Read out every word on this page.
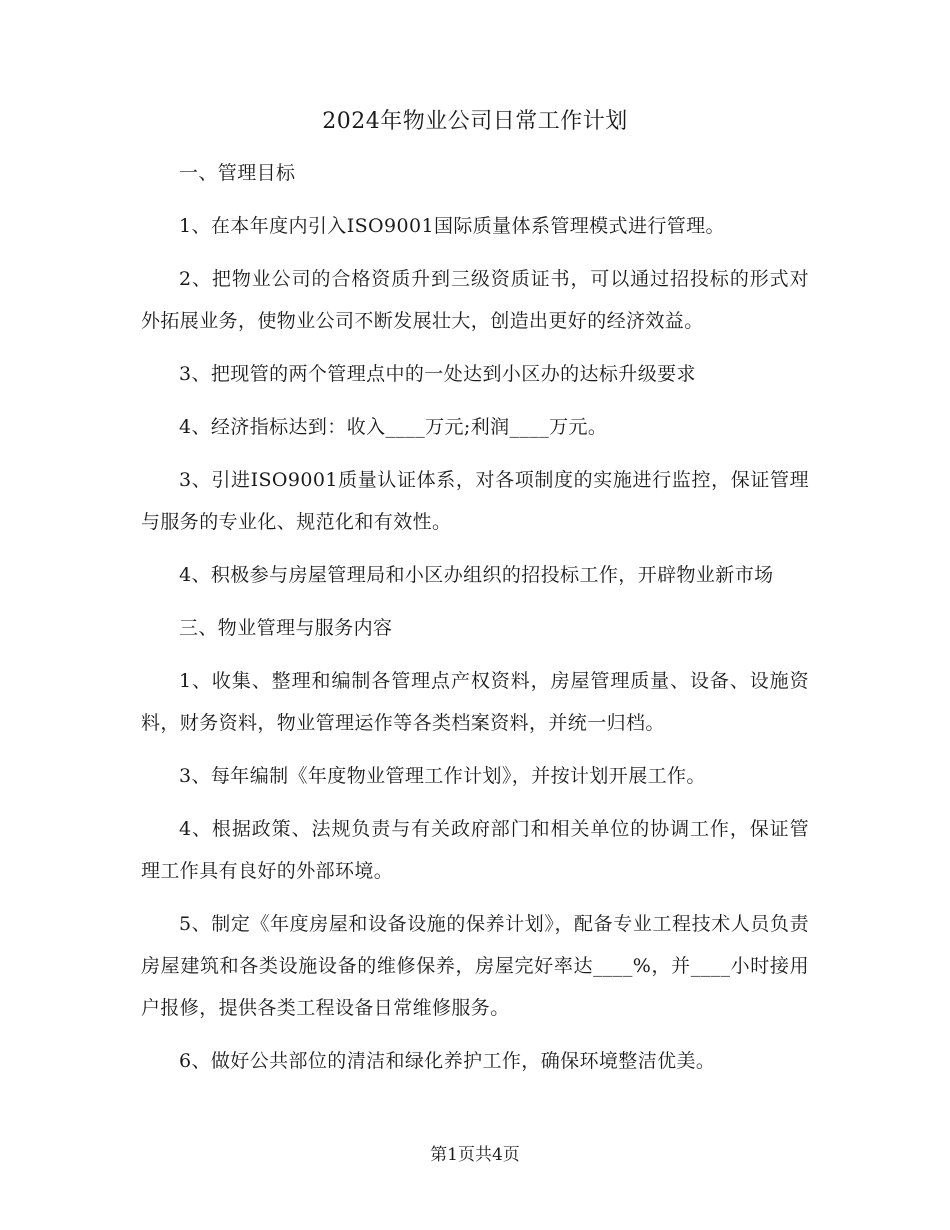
2024年物业公司日常工作计划

一、管理目标

1、在本年度内引入ISO9001国际质量体系管理模式进行管理。

2、把物业公司的合格资质升到三级资质证书，可以通过招投标的形式对外拓展业务，使物业公司不断发展壮大，创造出更好的经济效益。

3、把现管的两个管理点中的一处达到小区办的达标升级要求

4、经济指标达到：收入____万元;利润____万元。

3、引进ISO9001质量认证体系，对各项制度的实施进行监控，保证管理与服务的专业化、规范化和有效性。

4、积极参与房屋管理局和小区办组织的招投标工作，开辟物业新市场

三、物业管理与服务内容

1、收集、整理和编制各管理点产权资料，房屋管理质量、设备、设施资料，财务资料，物业管理运作等各类档案资料，并统一归档。

3、每年编制《年度物业管理工作计划》，并按计划开展工作。

4、根据政策、法规负责与有关政府部门和相关单位的协调工作，保证管理工作具有良好的外部环境。

5、制定《年度房屋和设备设施的保养计划》，配备专业工程技术人员负责房屋建筑和各类设施设备的维修保养，房屋完好率达____%，并____小时接用户报修，提供各类工程设备日常维修服务。

6、做好公共部位的清洁和绿化养护工作，确保环境整洁优美。

第1页共4页
